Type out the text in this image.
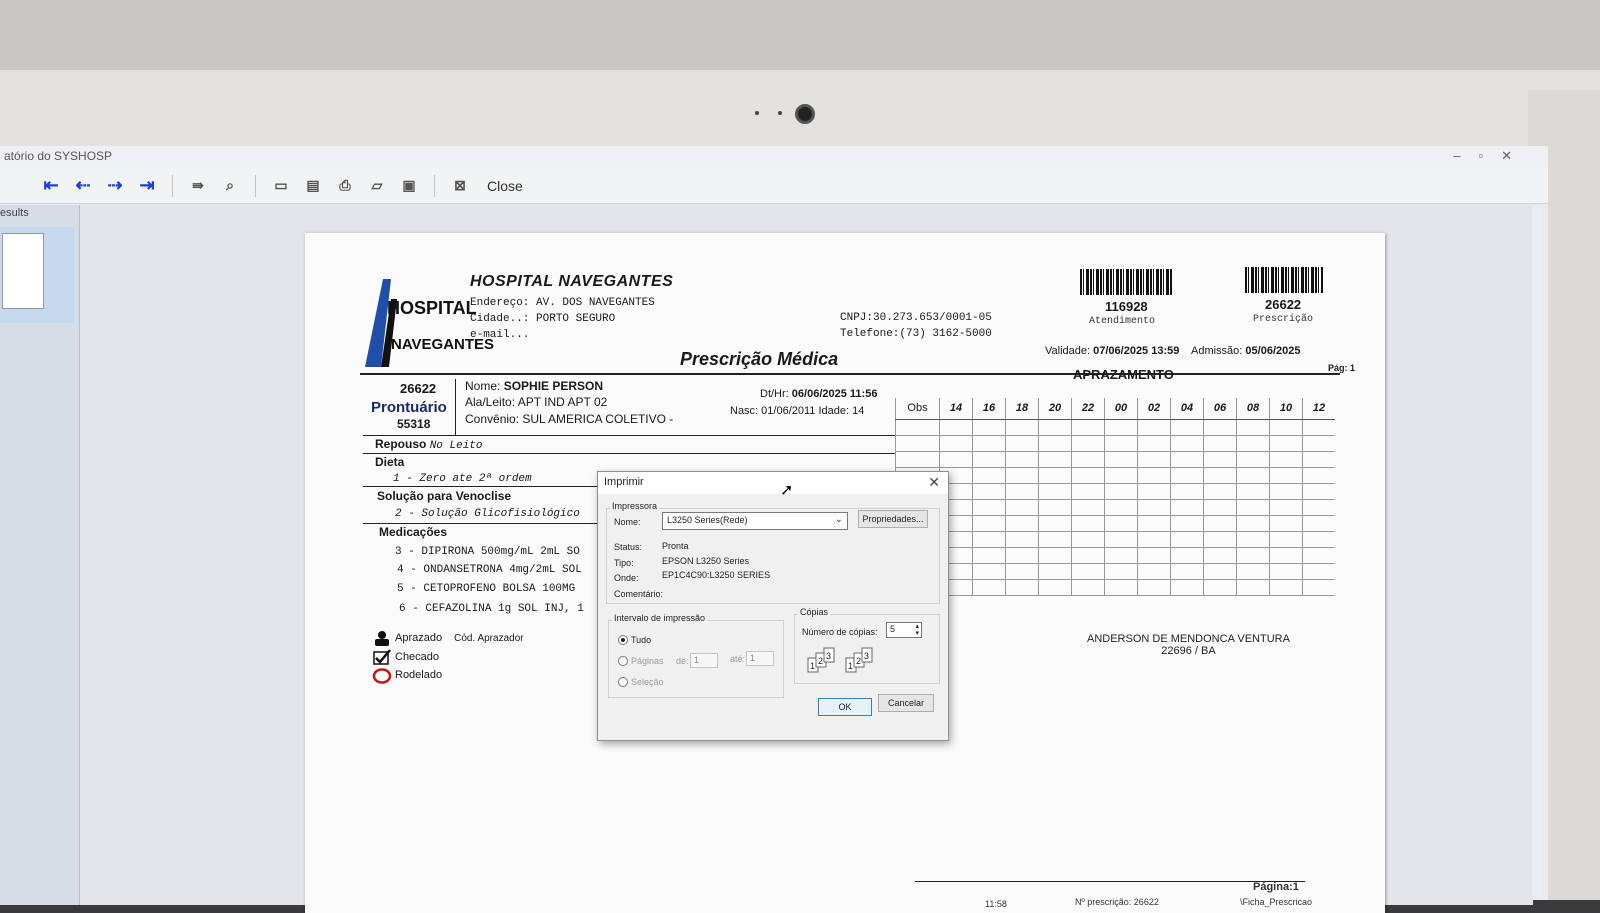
atório do SYSHOSP	–▫✕
⇤ ⇠ ⇢ ⇥	⇛	⌕	▭	▤	⎙	▱	▣	⊠	Close
esults
HOSPITAL
NAVEGANTES
HOSPITAL NAVEGANTES
Endereço: AV. DOS NAVEGANTES
Cidade..: PORTO SEGURO
e-mail...
CNPJ:30.273.653/0001-05
Telefone:(73) 3162-5000
116928
Atendimento
26622
Prescrição
Validade: 07/06/2025 13:59 Admissão: 05/06/2025
Prescrição Médica
APRAZAMENTO	Pág: 1
26622
Prontuário
55318
Nome: SOPHIE PERSON
Ala/Leito: APT IND APT 02
Convênio: SUL AMERICA COLETIVO -
Dt/Hr: 06/06/2025 11:56
Nasc: 01/06/2011 Idade: 14	Obs	14	16	18	20	22	00	02	04	06	08	10	12
Repouso No Leito
Dieta
1 - Zero ate 2ª ordem
Solução para Venoclise
2 - Solução Glicofisiológico
Medicações
3 - DIPIRONA 500mg/mL 2mL SO
4 - ONDANSETRONA 4mg/2mL SOL
5 - CETOPROFENO BOLSA 100MG
6 - CEFAZOLINA 1g SOL INJ, 1
Aprazado Cód. Aprazador
Checado
Rodelado
ANDERSON DE MENDONCA VENTURA
22696 / BA
Página:1
Nº prescrição: 26622	\Ficha_Prescricao
11:58
Imprimir	✕
Impressora
Nome:	L3250 Series(Rede)	⌄	Propriedades...
Status: Pronta
Tipo:	EPSON L3250 Series
Onde:	EP1C4C90:L3250 SERIES
Comentário:
Intervalo de impressão
Tudo
Páginas de: 1	até: 1
Seleção
Cópias
Número de cópias:	5	▴
▾
1 2 3
1 2 3
OK	Cancelar
➚
